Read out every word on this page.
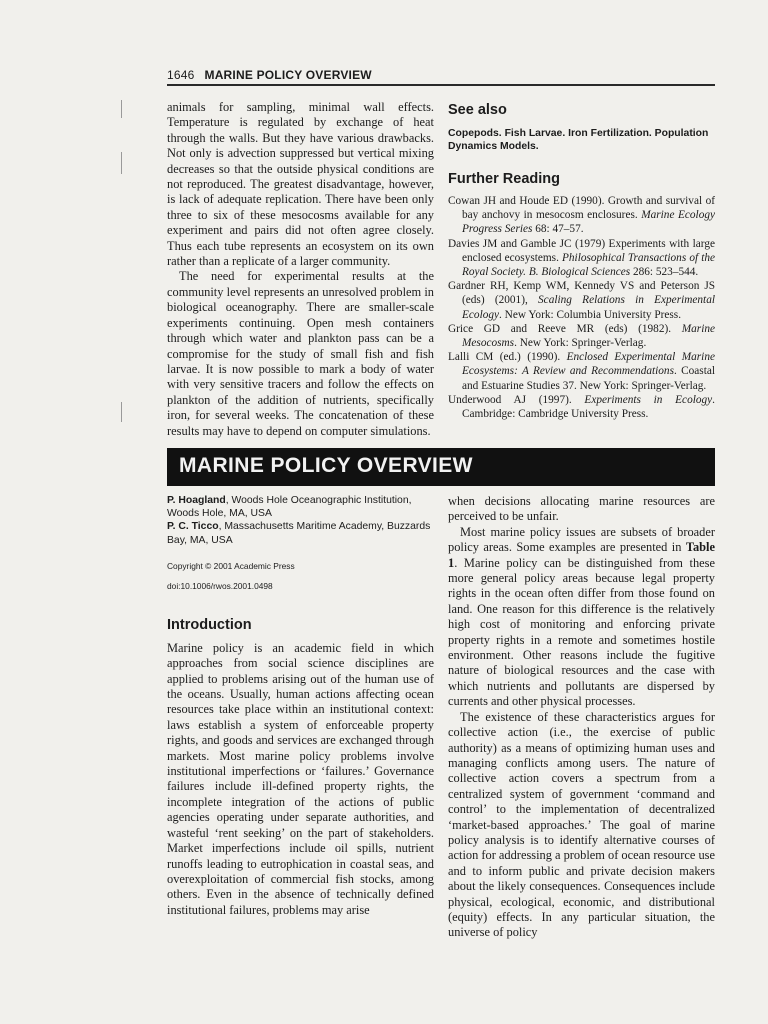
1646 MARINE POLICY OVERVIEW

animals for sampling, minimal wall effects. Temperature is regulated by exchange of heat through the walls. But they have various drawbacks. Not only is advection suppressed but vertical mixing decreases so that the outside physical conditions are not reproduced. The greatest disadvantage, however, is lack of adequate replication. There have been only three to six of these mesocosms available for any experiment and pairs did not often agree closely. Thus each tube represents an ecosystem on its own rather than a replicate of a larger community.

The need for experimental results at the community level represents an unresolved problem in biological oceanography. There are smaller-scale experiments continuing. Open mesh containers through which water and plankton pass can be a compromise for the study of small fish and fish larvae. It is now possible to mark a body of water with very sensitive tracers and follow the effects on plankton of the addition of nutrients, specifically iron, for several weeks. The concatenation of these results may have to depend on computer simulations.

See also

Copepods. Fish Larvae. Iron Fertilization. Population Dynamics Models.

Further Reading

Cowan JH and Houde ED (1990). Growth and survival of bay anchovy in mesocosm enclosures. Marine Ecology Progress Series 68: 47–57.

Davies JM and Gamble JC (1979) Experiments with large enclosed ecosystems. Philosophical Transactions of the Royal Society. B. Biological Sciences 286: 523–544.

Gardner RH, Kemp WM, Kennedy VS and Peterson JS (eds) (2001), Scaling Relations in Experimental Ecology. New York: Columbia University Press.

Grice GD and Reeve MR (eds) (1982). Marine Mesocosms. New York: Springer-Verlag.

Lalli CM (ed.) (1990). Enclosed Experimental Marine Ecosystems: A Review and Recommendations. Coastal and Estuarine Studies 37. New York: Springer-Verlag.

Underwood AJ (1997). Experiments in Ecology. Cambridge: Cambridge University Press.

MARINE POLICY OVERVIEW

P. Hoagland, Woods Hole Oceanographic Institution, Woods Hole, MA, USA
P. C. Ticco, Massachusetts Maritime Academy, Buzzards Bay, MA, USA

Copyright © 2001 Academic Press

doi:10.1006/rwos.2001.0498

Introduction

Marine policy is an academic field in which approaches from social science disciplines are applied to problems arising out of the human use of the oceans. Usually, human actions affecting ocean resources take place within an institutional context: laws establish a system of enforceable property rights, and goods and services are exchanged through markets. Most marine policy problems involve institutional imperfections or ‘failures.’ Governance failures include ill-defined property rights, the incomplete integration of the actions of public agencies operating under separate authorities, and wasteful ‘rent seeking’ on the part of stakeholders. Market imperfections include oil spills, nutrient runoffs leading to eutrophication in coastal seas, and overexploitation of commercial fish stocks, among others. Even in the absence of technically defined institutional failures, problems may arise

when decisions allocating marine resources are perceived to be unfair.

Most marine policy issues are subsets of broader policy areas. Some examples are presented in Table 1. Marine policy can be distinguished from these more general policy areas because legal property rights in the ocean often differ from those found on land. One reason for this difference is the relatively high cost of monitoring and enforcing private property rights in a remote and sometimes hostile environment. Other reasons include the fugitive nature of biological resources and the case with which nutrients and pollutants are dispersed by currents and other physical processes.

The existence of these characteristics argues for collective action (i.e., the exercise of public authority) as a means of optimizing human uses and managing conflicts among users. The nature of collective action covers a spectrum from a centralized system of government ‘command and control’ to the implementation of decentralized ‘market-based approaches.’ The goal of marine policy analysis is to identify alternative courses of action for addressing a problem of ocean resource use and to inform public and private decision makers about the likely consequences. Consequences include physical, ecological, economic, and distributional (equity) effects. In any particular situation, the universe of policy
